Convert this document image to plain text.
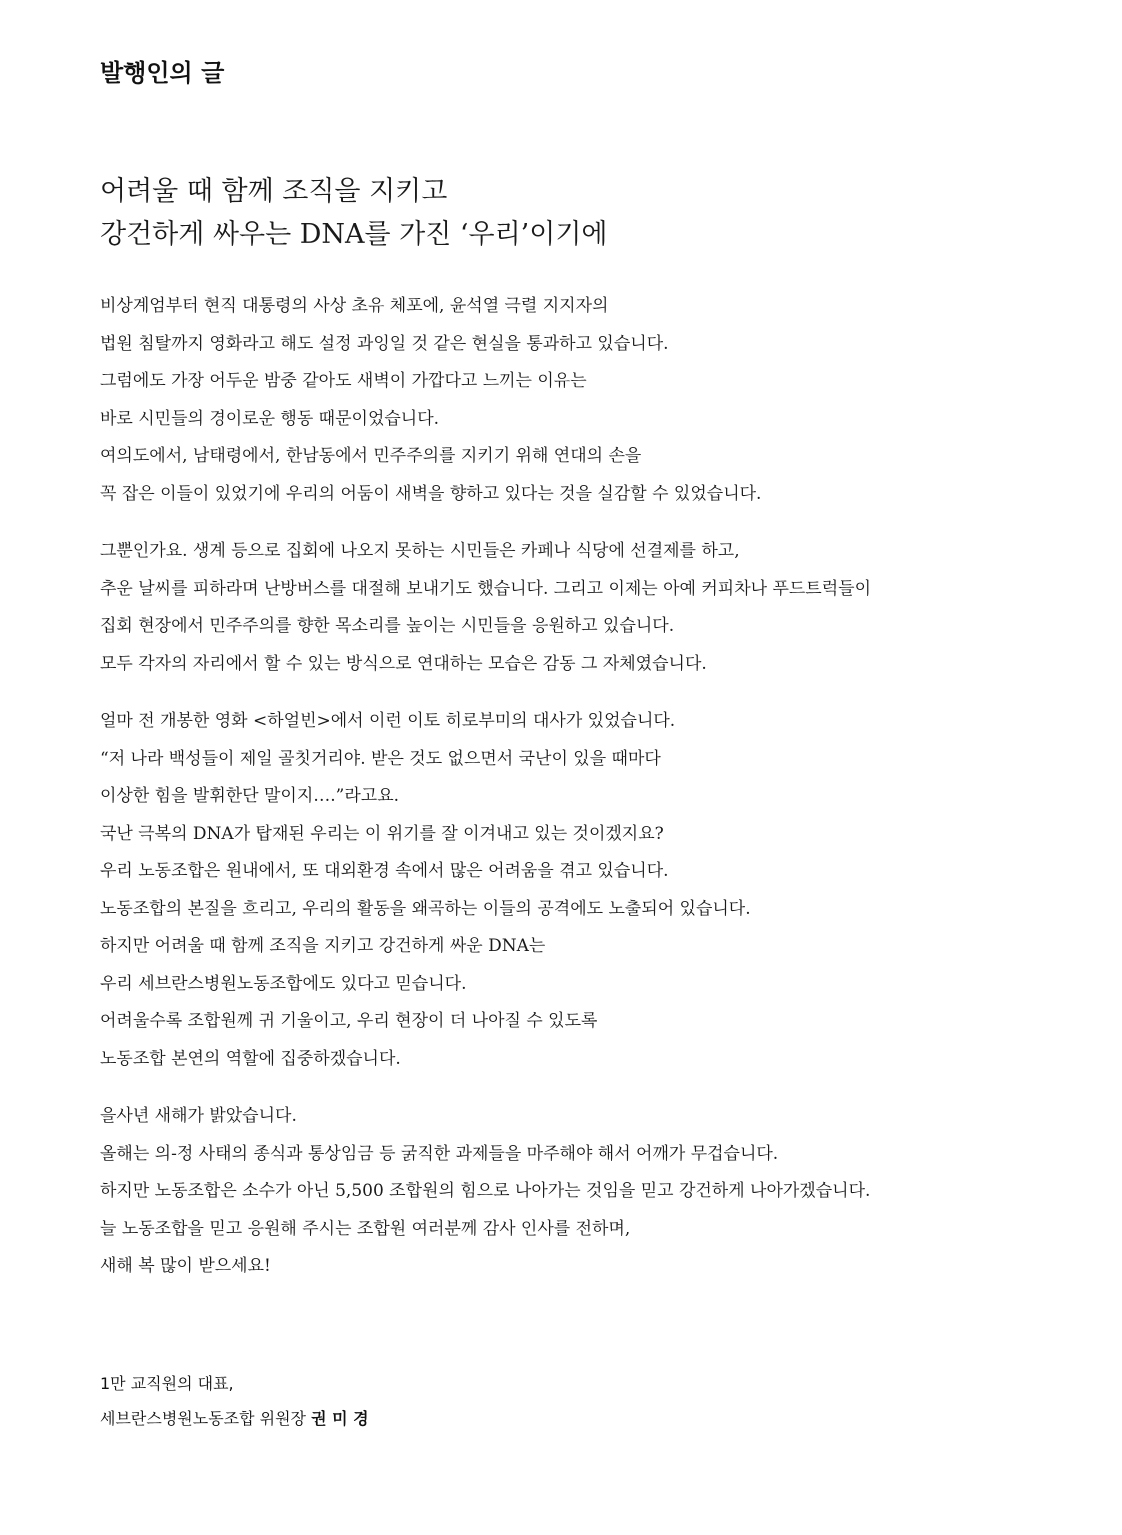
발행인의 글
어려울 때 함께 조직을 지키고
강건하게 싸우는 DNA를 가진 ‘우리’이기에

비상계엄부터 현직 대통령의 사상 초유 체포에, 윤석열 극렬 지지자의
법원 침탈까지 영화라고 해도 설정 과잉일 것 같은 현실을 통과하고 있습니다.
그럼에도 가장 어두운 밤중 같아도 새벽이 가깝다고 느끼는 이유는
바로 시민들의 경이로운 행동 때문이었습니다.
여의도에서, 남태령에서, 한남동에서 민주주의를 지키기 위해 연대의 손을
꼭 잡은 이들이 있었기에 우리의 어둠이 새벽을 향하고 있다는 것을 실감할 수 있었습니다.

그뿐인가요. 생계 등으로 집회에 나오지 못하는 시민들은 카페나 식당에 선결제를 하고,
추운 날씨를 피하라며 난방버스를 대절해 보내기도 했습니다. 그리고 이제는 아예 커피차나 푸드트럭들이
집회 현장에서 민주주의를 향한 목소리를 높이는 시민들을 응원하고 있습니다.
모두 각자의 자리에서 할 수 있는 방식으로 연대하는 모습은 감동 그 자체였습니다.

얼마 전 개봉한 영화 <하얼빈>에서 이런 이토 히로부미의 대사가 있었습니다.
“저 나라 백성들이 제일 골칫거리야. 받은 것도 없으면서 국난이 있을 때마다
이상한 힘을 발휘한단 말이지….”라고요.
국난 극복의 DNA가 탑재된 우리는 이 위기를 잘 이겨내고 있는 것이겠지요?
우리 노동조합은 원내에서, 또 대외환경 속에서 많은 어려움을 겪고 있습니다.
노동조합의 본질을 흐리고, 우리의 활동을 왜곡하는 이들의 공격에도 노출되어 있습니다.
하지만 어려울 때 함께 조직을 지키고 강건하게 싸운 DNA는
우리 세브란스병원노동조합에도 있다고 믿습니다.
어려울수록 조합원께 귀 기울이고, 우리 현장이 더 나아질 수 있도록
노동조합 본연의 역할에 집중하겠습니다.

을사년 새해가 밝았습니다.
올해는 의-정 사태의 종식과 통상임금 등 굵직한 과제들을 마주해야 해서 어깨가 무겁습니다.
하지만 노동조합은 소수가 아닌 5,500 조합원의 힘으로 나아가는 것임을 믿고 강건하게 나아가겠습니다.
늘 노동조합을 믿고 응원해 주시는 조합원 여러분께 감사 인사를 전하며,
새해 복 많이 받으세요!

1만 교직원의 대표,
세브란스병원노동조합 위원장 권 미 경
